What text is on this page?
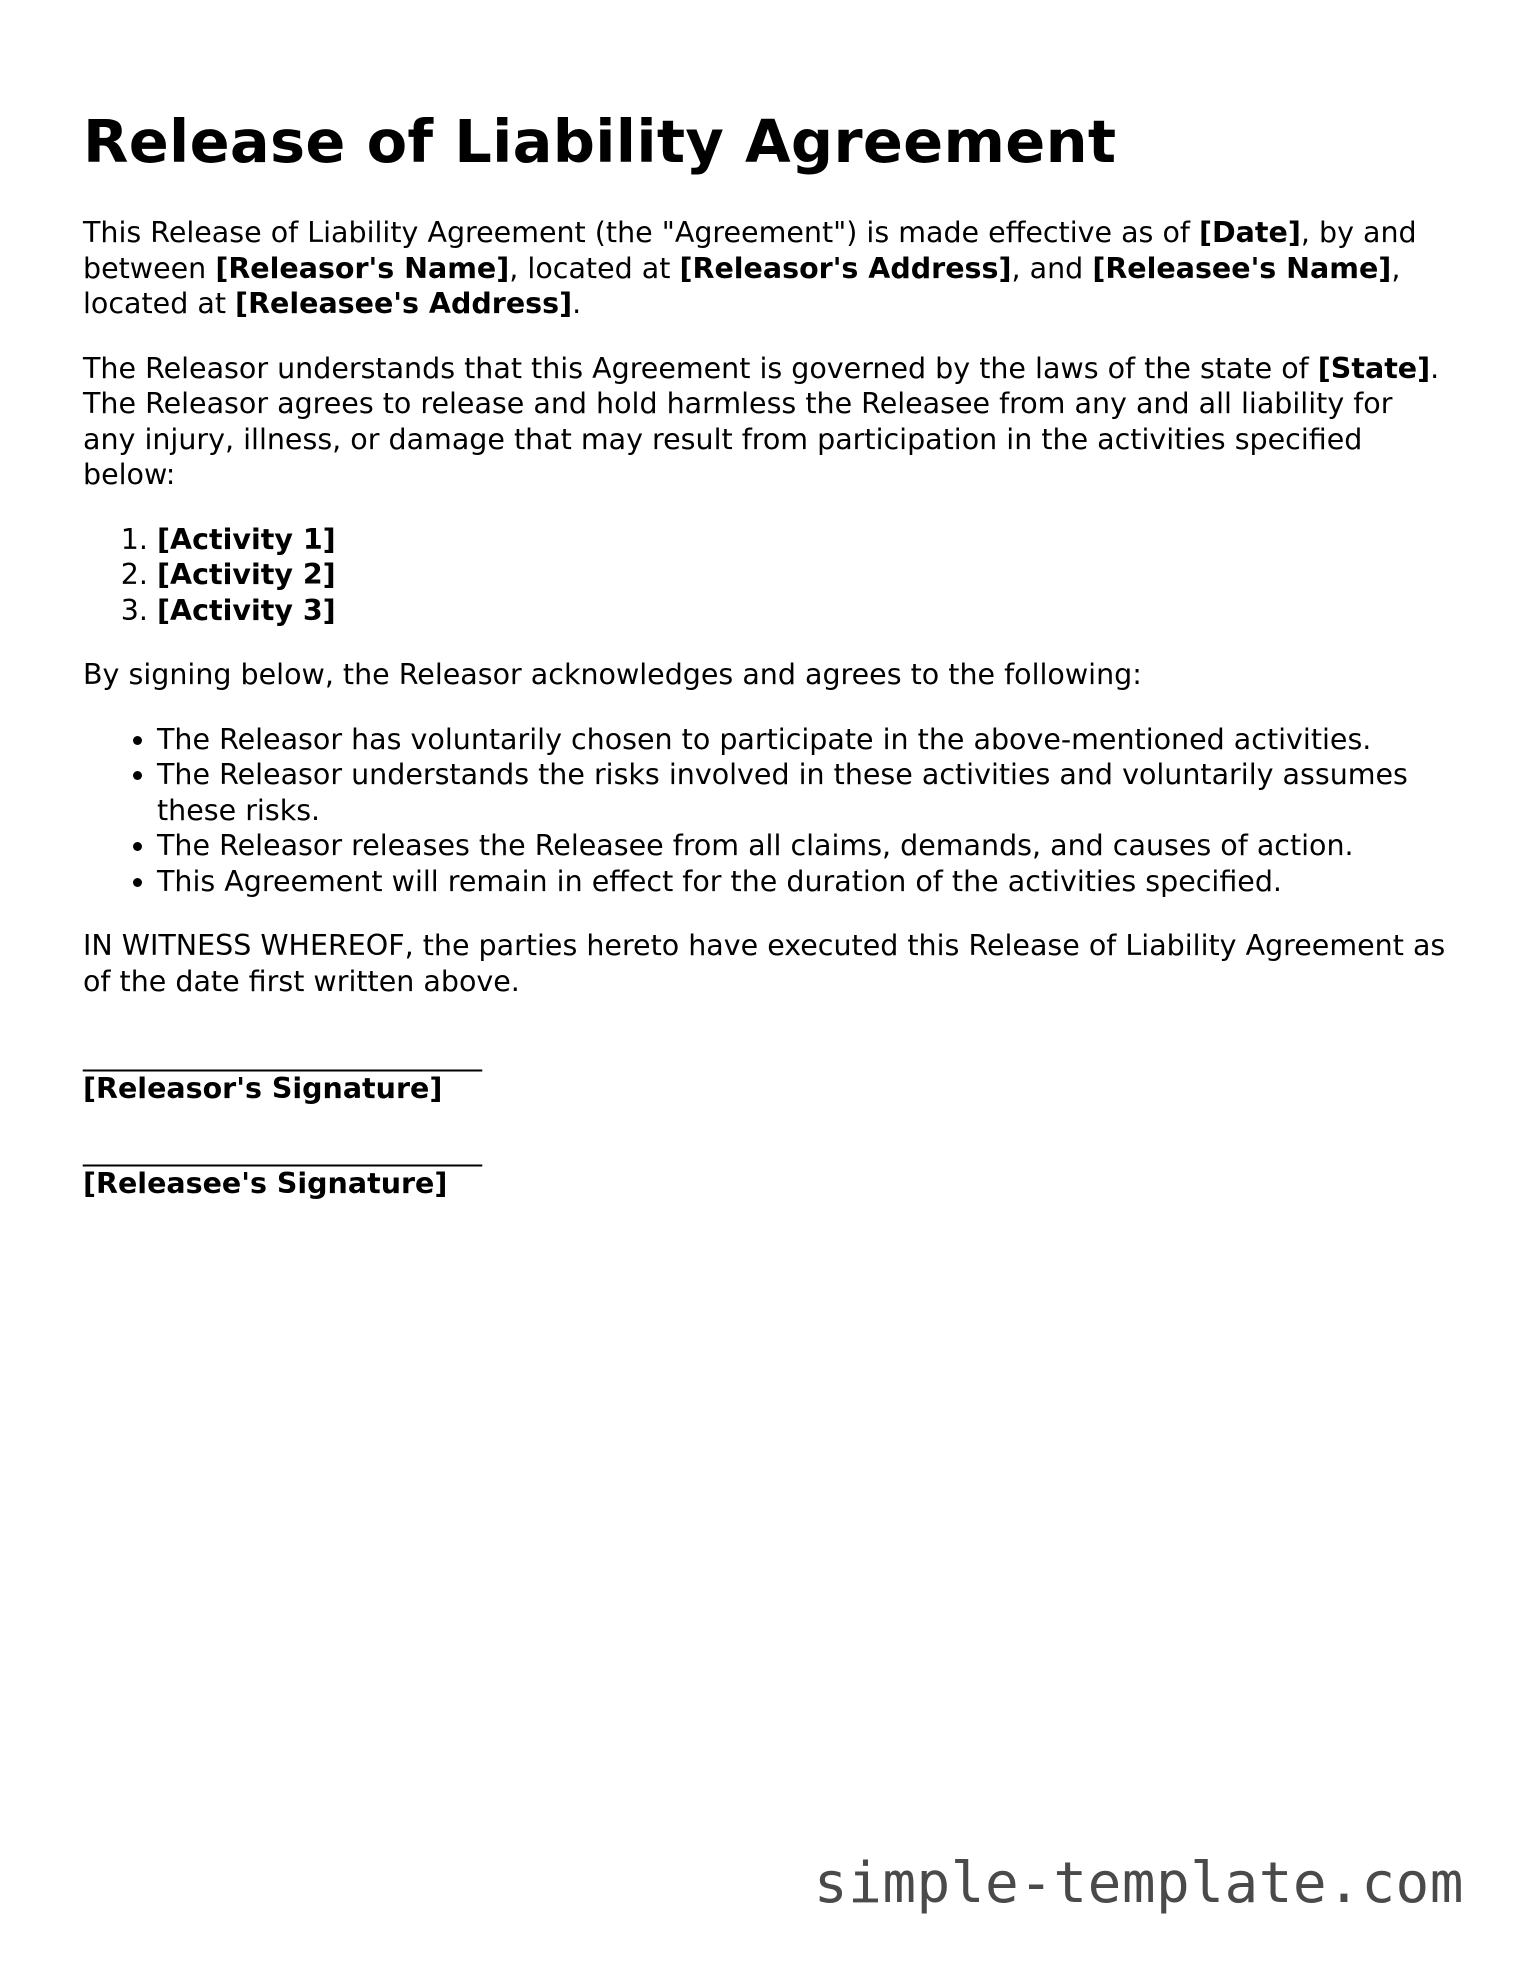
Release of Liability Agreement

This Release of Liability Agreement (the "Agreement") is made effective as of [Date], by and between [Releasor's Name], located at [Releasor's Address], and [Releasee's Name], located at [Releasee's Address].

The Releasor understands that this Agreement is governed by the laws of the state of [State]. The Releasor agrees to release and hold harmless the Releasee from any and all liability for any injury, illness, or damage that may result from participation in the activities specified below:

1. [Activity 1]
2. [Activity 2]
3. [Activity 3]

By signing below, the Releasor acknowledges and agrees to the following:

• The Releasor has voluntarily chosen to participate in the above-mentioned activities.
• The Releasor understands the risks involved in these activities and voluntarily assumes these risks.
• The Releasor releases the Releasee from all claims, demands, and causes of action.
• This Agreement will remain in effect for the duration of the activities specified.

IN WITNESS WHEREOF, the parties hereto have executed this Release of Liability Agreement as of the date first written above.

____________________________
[Releasor's Signature]
____________________________
[Releasee's Signature]
simple-template.com
